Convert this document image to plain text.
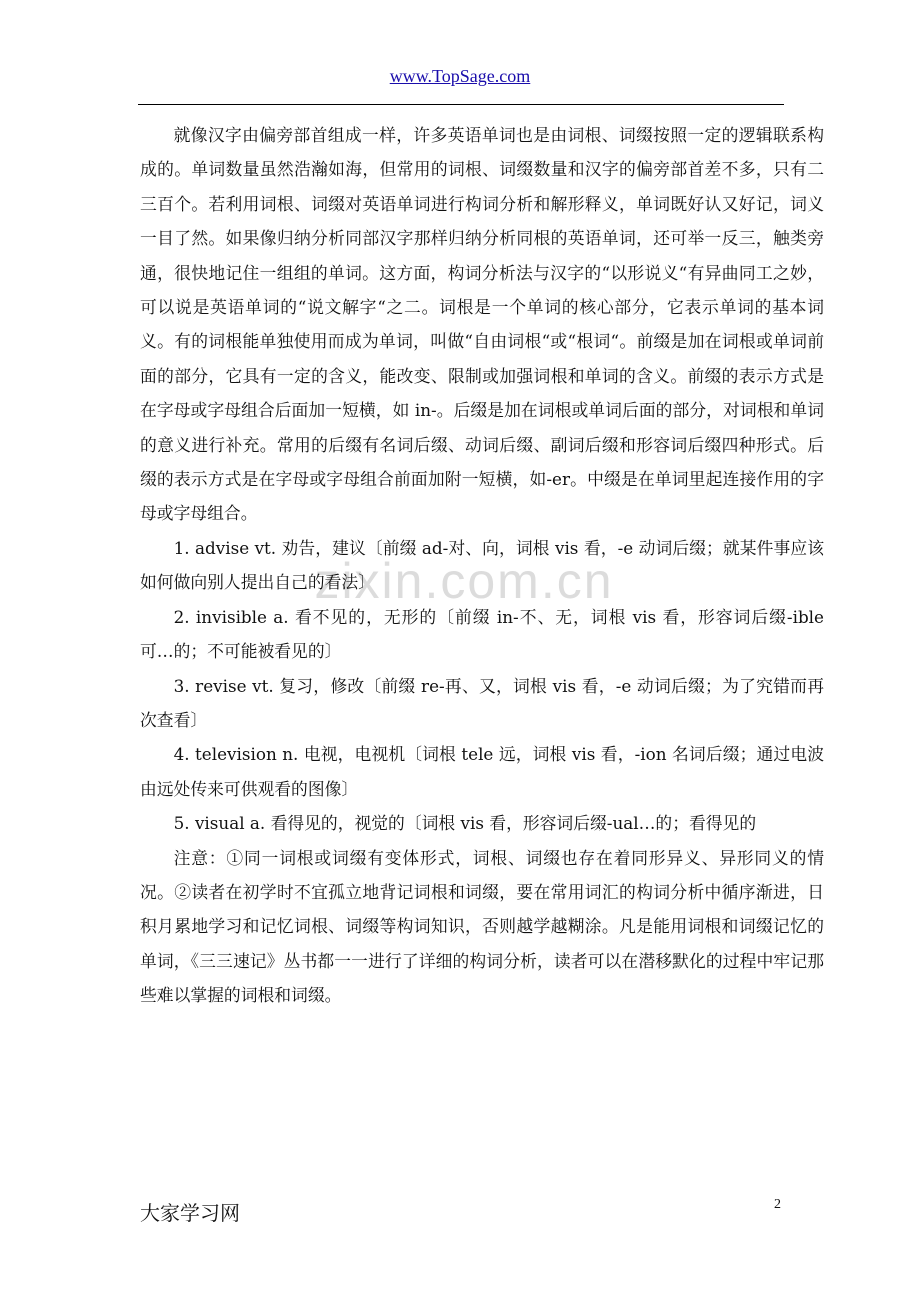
www.TopSage.com
zixin.com.cn

就像汉字由偏旁部首组成一样，许多英语单词也是由词根、词缀按照一定的逻辑联系构成的。单词数量虽然浩瀚如海，但常用的词根、词缀数量和汉字的偏旁部首差不多，只有二三百个。若利用词根、词缀对英语单词进行构词分析和解形释义，单词既好认又好记，词义一目了然。如果像归纳分析同部汉字那样归纳分析同根的英语单词，还可举一反三，触类旁通，很快地记住一组组的单词。这方面，构词分析法与汉字的“以形说义“有异曲同工之妙，可以说是英语单词的“说文解字“之二。词根是一个单词的核心部分，它表示单词的基本词义。有的词根能单独使用而成为单词，叫做“自由词根“或“根词“。前缀是加在词根或单词前面的部分，它具有一定的含义，能改变、限制或加强词根和单词的含义。前缀的表示方式是在字母或字母组合后面加一短横，如 in-。后缀是加在词根或单词后面的部分，对词根和单词的意义进行补充。常用的后缀有名词后缀、动词后缀、副词后缀和形容词后缀四种形式。后缀的表示方式是在字母或字母组合前面加附一短横，如-er。中缀是在单词里起连接作用的字母或字母组合。

1. advise vt. 劝告，建议〔前缀 ad-对、向，词根 vis 看，-e 动词后缀；就某件事应该如何做向别人提出自己的看法〕

2. invisible a. 看不见的，无形的〔前缀 in-不、无，词根 vis 看，形容词后缀-ible 可…的；不可能被看见的〕

3. revise vt. 复习，修改〔前缀 re-再、又，词根 vis 看，-e 动词后缀；为了究错而再次查看〕

4. television n. 电视，电视机〔词根 tele 远，词根 vis 看，-ion 名词后缀；通过电波由远处传来可供观看的图像〕

5. visual a. 看得见的，视觉的〔词根 vis 看，形容词后缀-ual…的；看得见的

注意：①同一词根或词缀有变体形式，词根、词缀也存在着同形异义、异形同义的情况。②读者在初学时不宜孤立地背记词根和词缀，要在常用词汇的构词分析中循序渐进，日积月累地学习和记忆词根、词缀等构词知识，否则越学越糊涂。凡是能用词根和词缀记忆的单词，《三三速记》丛书都一一进行了详细的构词分析，读者可以在潜移默化的过程中牢记那些难以掌握的词根和词缀。

大家学习网	2
